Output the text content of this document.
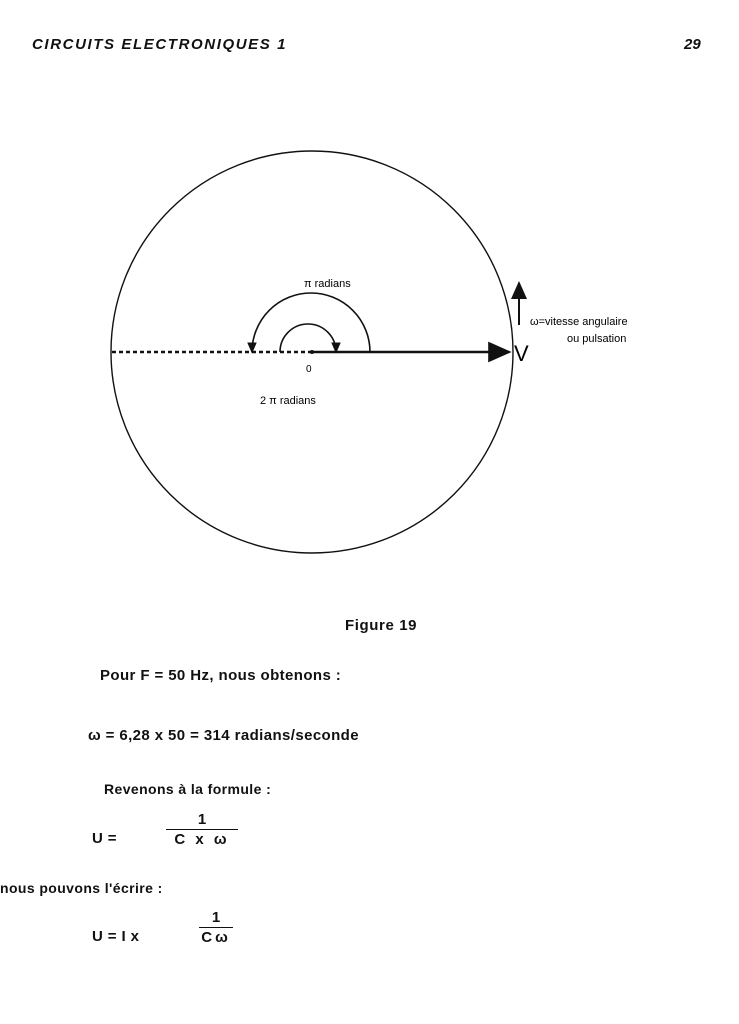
CIRCUITS ELECTRONIQUES 1	29
π radians
0
2 π radians
V
ω=vitesse angulaire
ou pulsation
Figure 19
Pour F = 50 Hz, nous obtenons :
ω = 6,28 x 50 = 314 radians/seconde
Revenons à la formule :
U =
1
C x ω
nous pouvons l'écrire :
U = I x
1
Cω
